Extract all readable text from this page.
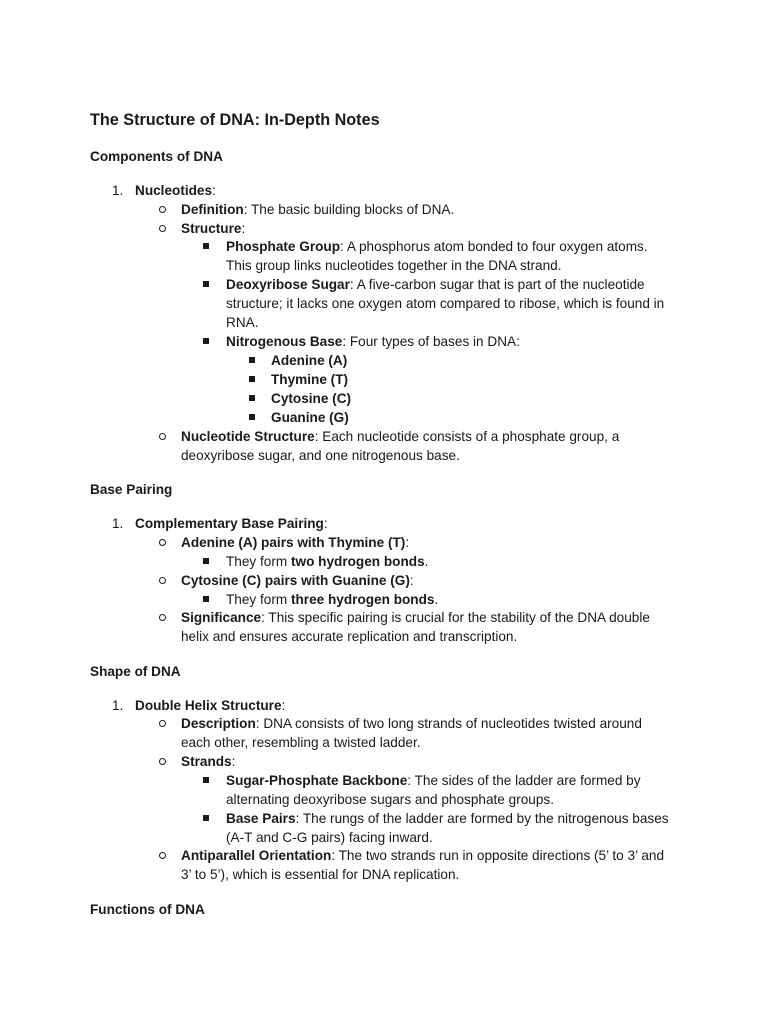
The Structure of DNA: In-Depth Notes
Components of DNA
1. Nucleotides:
Definition: The basic building blocks of DNA.
Structure:
Phosphate Group: A phosphorus atom bonded to four oxygen atoms.
This group links nucleotides together in the DNA strand.
Deoxyribose Sugar: A five-carbon sugar that is part of the nucleotide
structure; it lacks one oxygen atom compared to ribose, which is found in
RNA.
Nitrogenous Base: Four types of bases in DNA:
Adenine (A)
Thymine (T)
Cytosine (C)
Guanine (G)
Nucleotide Structure: Each nucleotide consists of a phosphate group, a
deoxyribose sugar, and one nitrogenous base.
Base Pairing
1. Complementary Base Pairing:
Adenine (A) pairs with Thymine (T):
They form two hydrogen bonds.
Cytosine (C) pairs with Guanine (G):
They form three hydrogen bonds.
Significance: This specific pairing is crucial for the stability of the DNA double
helix and ensures accurate replication and transcription.
Shape of DNA
1. Double Helix Structure:
Description: DNA consists of two long strands of nucleotides twisted around
each other, resembling a twisted ladder.
Strands:
Sugar-Phosphate Backbone: The sides of the ladder are formed by
alternating deoxyribose sugars and phosphate groups.
Base Pairs: The rungs of the ladder are formed by the nitrogenous bases
(A-T and C-G pairs) facing inward.
Antiparallel Orientation: The two strands run in opposite directions (5’ to 3’ and
3’ to 5’), which is essential for DNA replication.
Functions of DNA
